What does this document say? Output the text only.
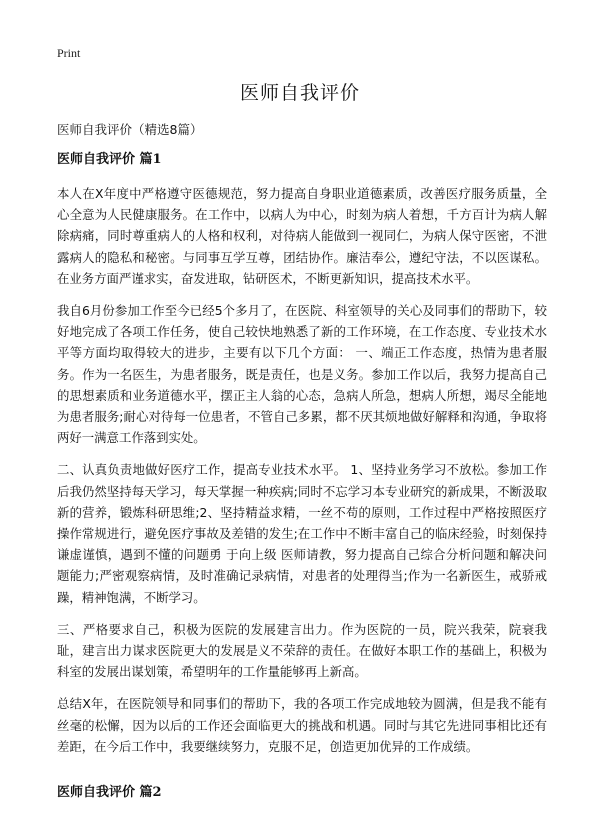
Print
医师自我评价

医师自我评价（精选8篇）

医师自我评价 篇1

本人在X年度中严格遵守医德规范，努力提高自身职业道德素质，改善医疗服务质量，全心全意为人民健康服务。在工作中，以病人为中心，时刻为病人着想，千方百计为病人解除病痛，同时尊重病人的人格和权利，对待病人能做到一视同仁，为病人保守医密，不泄露病人的隐私和秘密。与同事互学互尊，团结协作。廉洁奉公，遵纪守法，不以医谋私。在业务方面严谨求实，奋发进取，钻研医术，不断更新知识，提高技术水平。

我自6月份参加工作至今已经5个多月了，在医院、科室领导的关心及同事们的帮助下，较好地完成了各项工作任务，使自己较快地熟悉了新的工作环境，在工作态度、专业技术水平等方面均取得较大的进步，主要有以下几个方面： 一、端正工作态度，热情为患者服务。作为一名医生，为患者服务，既是责任，也是义务。参加工作以后，我努力提高自己的思想素质和业务道德水平，摆正主人翁的心态，急病人所急，想病人所想，竭尽全能地为患者服务;耐心对待每一位患者，不管自己多累，都不厌其烦地做好解释和沟通，争取将两好一满意工作落到实处。

二、认真负责地做好医疗工作，提高专业技术水平。 1、坚持业务学习不放松。参加工作后我仍然坚持每天学习，每天掌握一种疾病;同时不忘学习本专业研究的新成果，不断汲取新的营养，锻炼科研思维;2、坚持精益求精，一丝不苟的原则，工作过程中严格按照医疗操作常规进行，避免医疗事故及差错的发生;在工作中不断丰富自己的临床经验，时刻保持谦虚谨慎，遇到不懂的问题勇 于向上级 医师请教，努力提高自己综合分析问题和解决问题能力;严密观察病情，及时准确记录病情，对患者的处理得当;作为一名新医生，戒骄戒躁，精神饱满，不断学习。

三、严格要求自己，积极为医院的发展建言出力。作为医院的一员，院兴我荣，院衰我耻，建言出力谋求医院更大的发展是义不荣辞的责任。在做好本职工作的基础上，积极为科室的发展出谋划策，希望明年的工作量能够再上新高。

总结X年，在医院领导和同事们的帮助下，我的各项工作完成地较为圆满，但是我不能有丝毫的松懈，因为以后的工作还会面临更大的挑战和机遇。同时与其它先进同事相比还有差距，在今后工作中，我要继续努力，克服不足，创造更加优异的工作成绩。

医师自我评价 篇2
